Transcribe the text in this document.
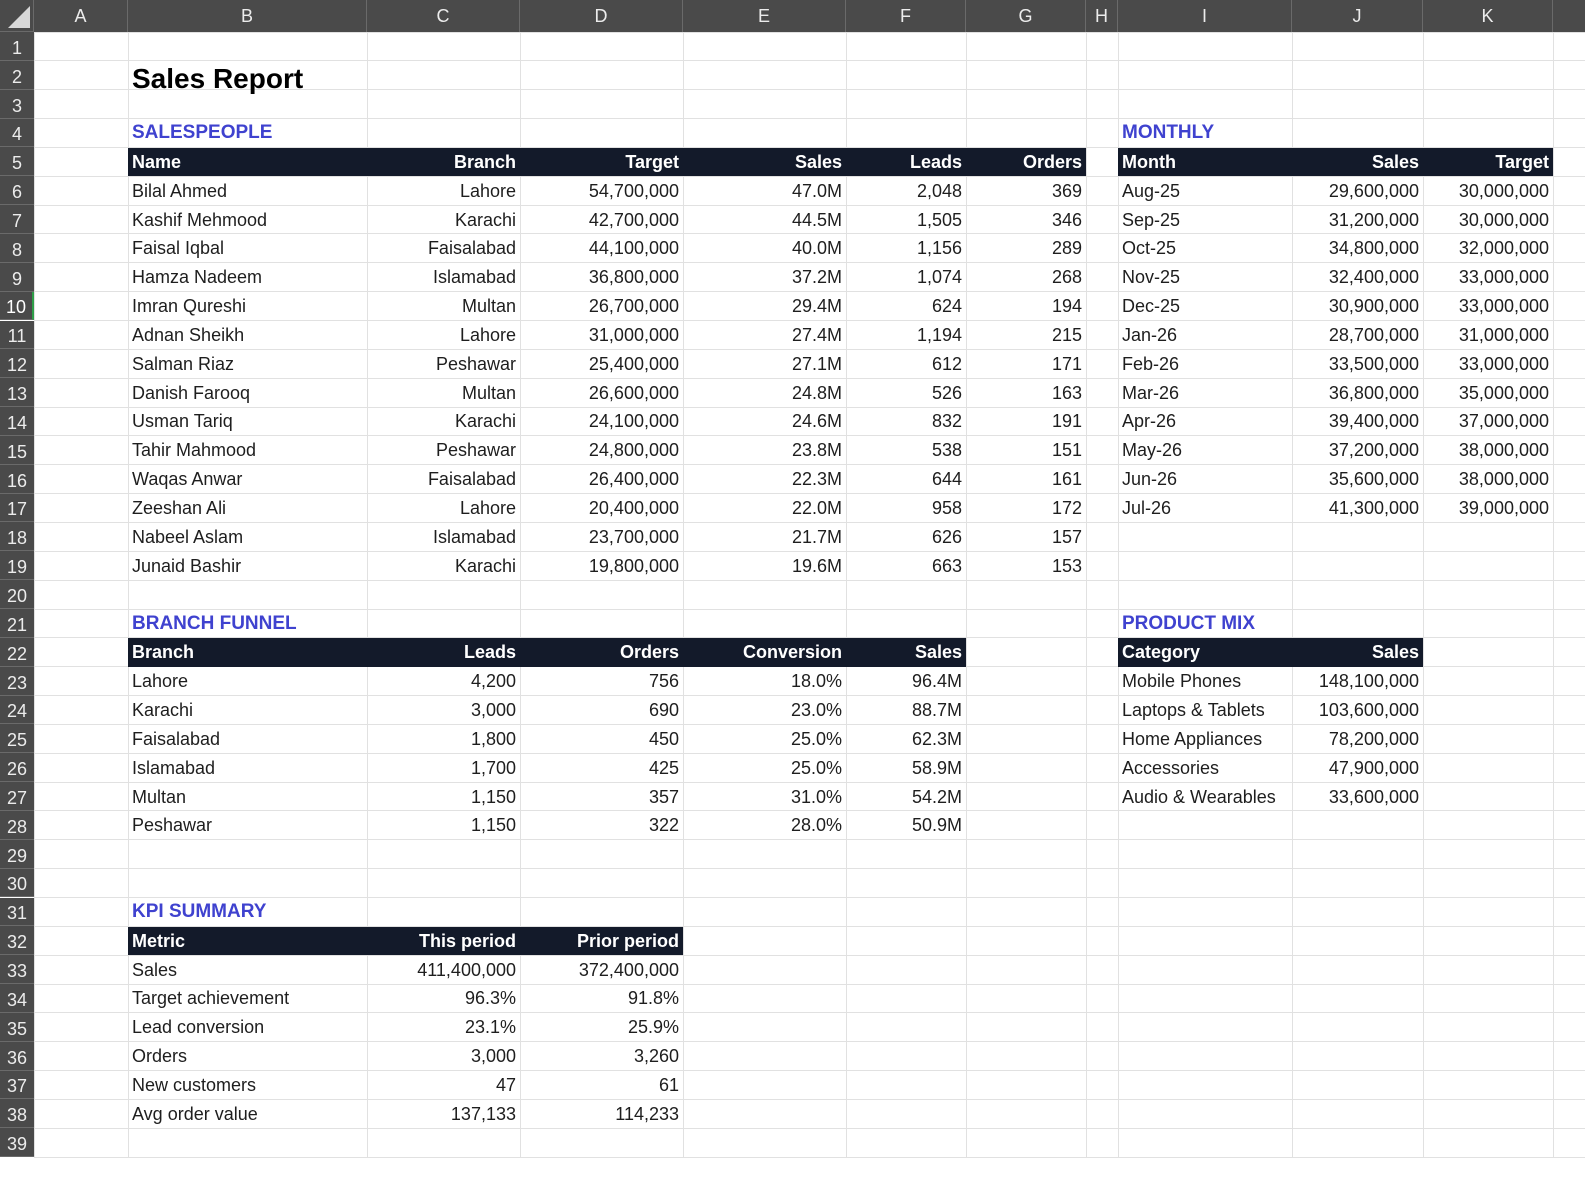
A	B	C	D	E	F	G	H	I	J	K
1
2
3
4
5
6
7
8
9
10
11
12
13
14
15
16
17
18
19
20
21
22
23
24
25
26
27
28
29
30
31
32
33
34
35
36
37
38
39
Sales Report
SALESPEOPLE
Name	Branch	Target	Sales	Leads	Orders
Bilal Ahmed	Lahore	54,700,000	47.0M	2,048	369
Kashif Mehmood	Karachi	42,700,000	44.5M	1,505	346
Faisal Iqbal	Faisalabad	44,100,000	40.0M	1,156	289
Hamza Nadeem	Islamabad	36,800,000	37.2M	1,074	268
Imran Qureshi	Multan	26,700,000	29.4M	624	194
Adnan Sheikh	Lahore	31,000,000	27.4M	1,194	215
Salman Riaz	Peshawar	25,400,000	27.1M	612	171
Danish Farooq	Multan	26,600,000	24.8M	526	163
Usman Tariq	Karachi	24,100,000	24.6M	832	191
Tahir Mahmood	Peshawar	24,800,000	23.8M	538	151
Waqas Anwar	Faisalabad	26,400,000	22.3M	644	161
Zeeshan Ali	Lahore	20,400,000	22.0M	958	172
Nabeel Aslam	Islamabad	23,700,000	21.7M	626	157
Junaid Bashir	Karachi	19,800,000	19.6M	663	153
MONTHLY
Month	Sales	Target
Aug-25	29,600,000	30,000,000
Sep-25	31,200,000	30,000,000
Oct-25	34,800,000	32,000,000
Nov-25	32,400,000	33,000,000
Dec-25	30,900,000	33,000,000
Jan-26	28,700,000	31,000,000
Feb-26	33,500,000	33,000,000
Mar-26	36,800,000	35,000,000
Apr-26	39,400,000	37,000,000
May-26	37,200,000	38,000,000
Jun-26	35,600,000	38,000,000
Jul-26	41,300,000	39,000,000
BRANCH FUNNEL
Branch	Leads	Orders	Conversion	Sales
Lahore	4,200	756	18.0%	96.4M
Karachi	3,000	690	23.0%	88.7M
Faisalabad	1,800	450	25.0%	62.3M
Islamabad	1,700	425	25.0%	58.9M
Multan	1,150	357	31.0%	54.2M
Peshawar	1,150	322	28.0%	50.9M
PRODUCT MIX
Category	Sales
Mobile Phones	148,100,000
Laptops & Tablets	103,600,000
Home Appliances	78,200,000
Accessories	47,900,000
Audio & Wearables	33,600,000
KPI SUMMARY
Metric	This period	Prior period
Sales	411,400,000	372,400,000
Target achievement	96.3%	91.8%
Lead conversion	23.1%	25.9%
Orders	3,000	3,260
New customers	47	61
Avg order value	137,133	114,233
